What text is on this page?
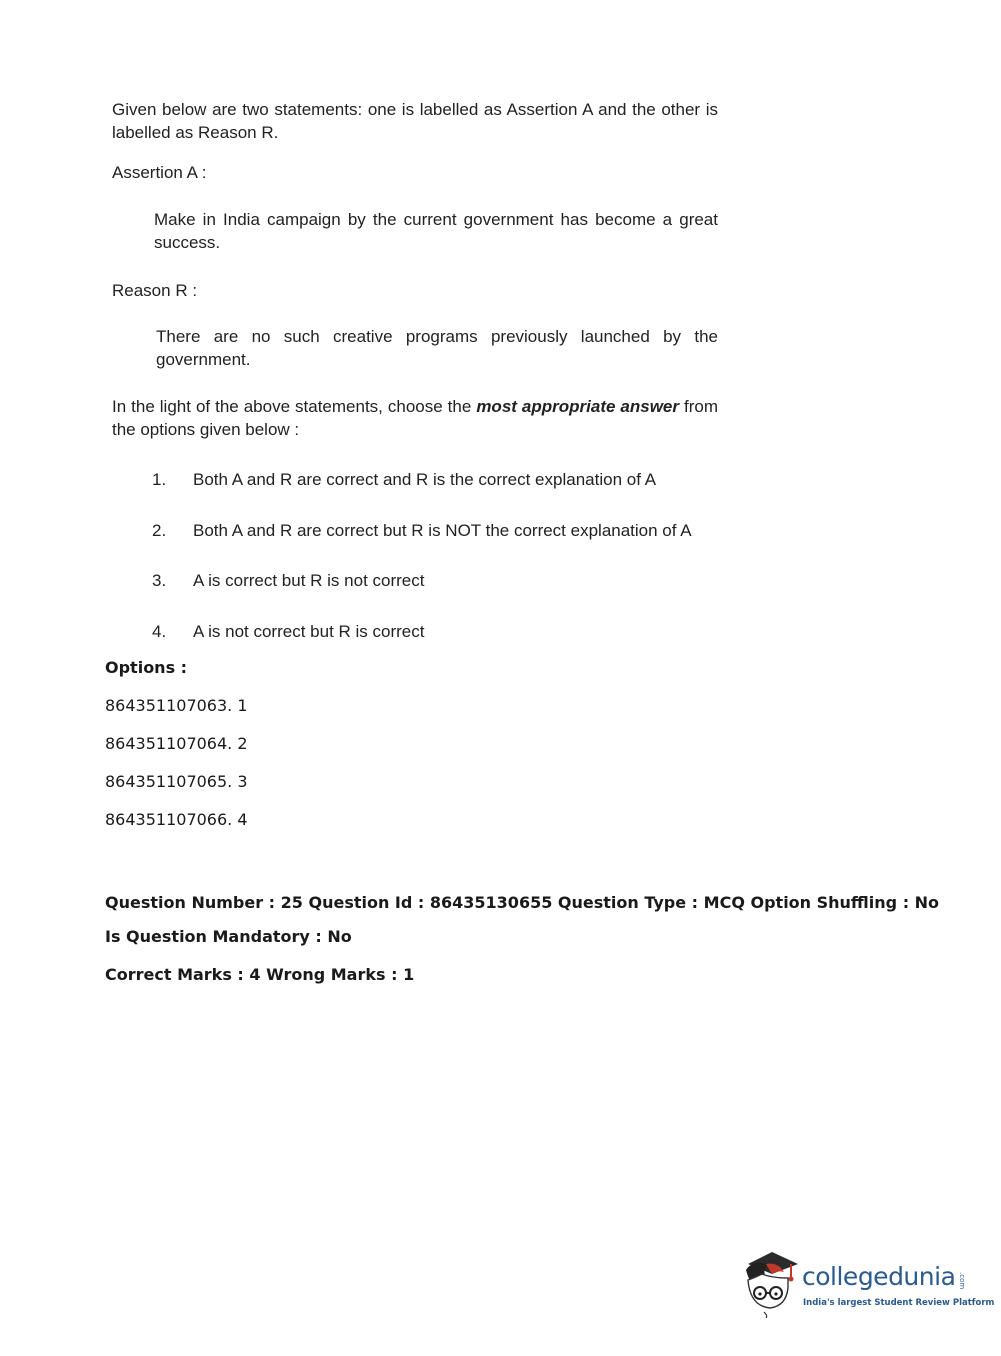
Given below are two statements: one is labelled as Assertion A and the other is labelled as Reason R.

Assertion A :

Make in India campaign by the current government has become a great success.

Reason R :

There are no such creative programs previously launched by the government.

In the light of the above statements, choose the most appropriate answer from the options given below :

1. Both A and R are correct and R is the correct explanation of A
2. Both A and R are correct but R is NOT the correct explanation of A
3. A is correct but R is not correct
4. A is not correct but R is correct
Options :
864351107063. 1
864351107064. 2
864351107065. 3
864351107066. 4
Question Number : 25 Question Id : 86435130655 Question Type : MCQ Option Shuffling : No
Is Question Mandatory : No
Correct Marks : 4 Wrong Marks : 1
collegedunia .com
India's largest Student Review Platform
